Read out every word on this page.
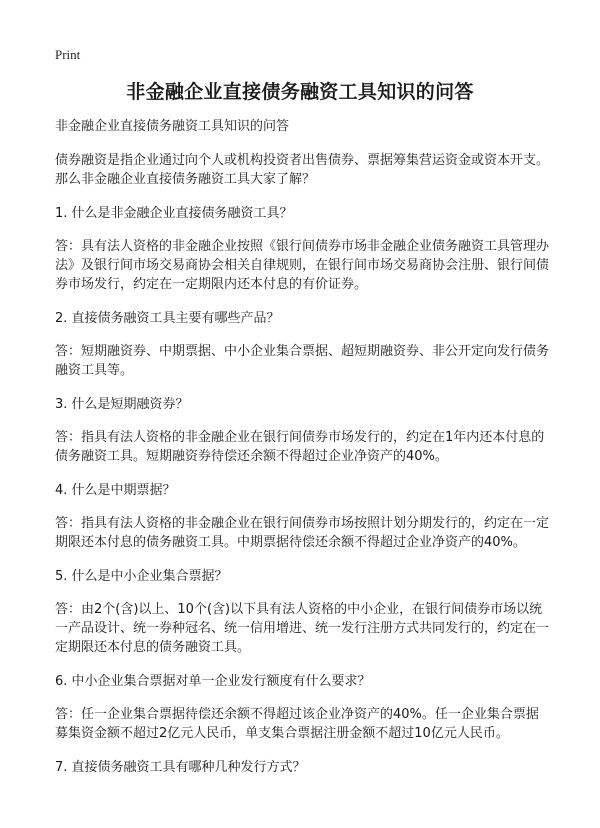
Print
非金融企业直接债务融资工具知识的问答

非金融企业直接债务融资工具知识的问答

债券融资是指企业通过向个人或机构投资者出售债券、票据筹集营运资金或资本开支。那么非金融企业直接债务融资工具大家了解？

1. 什么是非金融企业直接债务融资工具？

答：具有法人资格的非金融企业按照《银行间债券市场非金融企业债务融资工具管理办法》及银行间市场交易商协会相关自律规则，在银行间市场交易商协会注册、银行间债券市场发行，约定在一定期限内还本付息的有价证券。

2. 直接债务融资工具主要有哪些产品？

答：短期融资券、中期票据、中小企业集合票据、超短期融资券、非公开定向发行债务融资工具等。

3. 什么是短期融资券？

答：指具有法人资格的非金融企业在银行间债券市场发行的，约定在1年内还本付息的债务融资工具。短期融资券待偿还余额不得超过企业净资产的40%。

4. 什么是中期票据？

答：指具有法人资格的非金融企业在银行间债券市场按照计划分期发行的，约定在一定期限还本付息的债务融资工具。中期票据待偿还余额不得超过企业净资产的40%。

5. 什么是中小企业集合票据？

答：由2个(含)以上、10个(含)以下具有法人资格的中小企业，在银行间债券市场以统一产品设计、统一券种冠名、统一信用增进、统一发行注册方式共同发行的，约定在一定期限还本付息的债务融资工具。

6. 中小企业集合票据对单一企业发行额度有什么要求？

答：任一企业集合票据待偿还余额不得超过该企业净资产的40%。任一企业集合票据募集资金额不超过2亿元人民币，单支集合票据注册金额不超过10亿元人民币。

7. 直接债务融资工具有哪种几种发行方式？
